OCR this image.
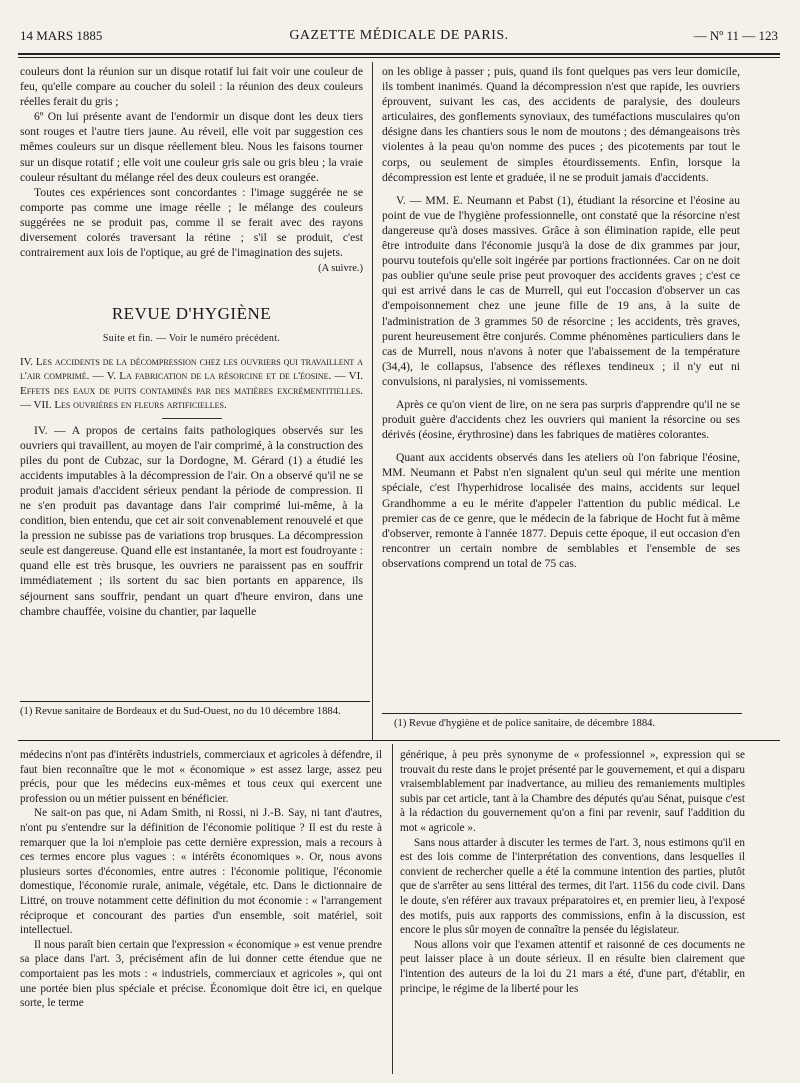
14 MARS 1885	GAZETTE MÉDICALE DE PARIS.	— Nº 11 — 123

couleurs dont la réunion sur un disque rotatif lui fait voir une couleur de feu, qu'elle compare au coucher du soleil : la réunion des deux couleurs réelles ferait du gris ;

6º On lui présente avant de l'endormir un disque dont les deux tiers sont rouges et l'autre tiers jaune. Au réveil, elle voit par suggestion ces mêmes couleurs sur un disque réellement bleu. Nous les faisons tourner sur un disque rotatif ; elle voit une couleur gris sale ou gris bleu ; la vraie couleur résultant du mélange réel des deux couleurs est orangée.

Toutes ces expériences sont concordantes : l'image suggérée ne se comporte pas comme une image réelle ; le mélange des couleurs suggérées ne se produit pas, comme il se ferait avec des rayons diversement colorés traversant la rétine ; s'il se produit, c'est contrairement aux lois de l'optique, au gré de l'imagination des sujets.

(A suivre.)
REVUE D'HYGIÈNE
Suite et fin. — Voir le numéro précédent.

IV. Les accidents de la décompression chez les ouvriers qui travaillent a l'air comprimé. — V. La fabrication de la résorcine et de l'éosine. — VI. Effets des eaux de puits contaminés par des matières excrémentitielles. — VII. Les ouvrières en fleurs artificielles.

IV. — A propos de certains faits pathologiques observés sur les ouvriers qui travaillent, au moyen de l'air comprimé, à la construction des piles du pont de Cubzac, sur la Dordogne, M. Gérard (1) a étudié les accidents imputables à la décompression de l'air. On a observé qu'il ne se produit jamais d'accident sérieux pendant la période de compression. Il ne s'en produit pas davantage dans l'air comprimé lui-même, à la condition, bien entendu, que cet air soit convenablement renouvelé et que la pression ne subisse pas de variations trop brusques. La décompression seule est dangereuse. Quand elle est instantanée, la mort est foudroyante : quand elle est très brusque, les ouvriers ne paraissent pas en souffrir immédiatement ; ils sortent du sac bien portants en apparence, ils séjournent sans souffrir, pendant un quart d'heure environ, dans une chambre chauffée, voisine du chantier, par laquelle

(1) Revue sanitaire de Bordeaux et du Sud-Ouest, no du 10 décembre 1884.

on les oblige à passer ; puis, quand ils font quelques pas vers leur domicile, ils tombent inanimés. Quand la décompression n'est que rapide, les ouvriers éprouvent, suivant les cas, des accidents de paralysie, des douleurs articulaires, des gonflements synoviaux, des tuméfactions musculaires qu'on désigne dans les chantiers sous le nom de moutons ; des démangeaisons très violentes à la peau qu'on nomme des puces ; des picotements par tout le corps, ou seulement de simples étourdissements. Enfin, lorsque la décompression est lente et graduée, il ne se produit jamais d'accidents.

V. — MM. E. Neumann et Pabst (1), étudiant la résorcine et l'éosine au point de vue de l'hygiène professionnelle, ont constaté que la résorcine n'est dangereuse qu'à doses massives. Grâce à son élimination rapide, elle peut être introduite dans l'économie jusqu'à la dose de dix grammes par jour, pourvu toutefois qu'elle soit ingérée par portions fractionnées. Car on ne doit pas oublier qu'une seule prise peut provoquer des accidents graves ; c'est ce qui est arrivé dans le cas de Murrell, qui eut l'occasion d'observer un cas d'empoisonnement chez une jeune fille de 19 ans, à la suite de l'administration de 3 grammes 50 de résorcine ; les accidents, très graves, purent heureusement être conjurés. Comme phénomènes particuliers dans le cas de Murrell, nous n'avons à noter que l'abaissement de la température (34,4), le collapsus, l'absence des réflexes tendineux ; il n'y eut ni convulsions, ni paralysies, ni vomissements.

Après ce qu'on vient de lire, on ne sera pas surpris d'apprendre qu'il ne se produit guère d'accidents chez les ouvriers qui manient la résorcine ou ses dérivés (éosine, érythrosine) dans les fabriques de matières colorantes.

Quant aux accidents observés dans les ateliers où l'on fabrique l'éosine, MM. Neumann et Pabst n'en signalent qu'un seul qui mérite une mention spéciale, c'est l'hyperhidrose localisée des mains, accidents sur lequel Grandhomme a eu le mérite d'appeler l'attention du public médical. Le premier cas de ce genre, que le médecin de la fabrique de Hocht fut à même d'observer, remonte à l'année 1877. Depuis cette époque, il eut occasion d'en rencontrer un certain nombre de semblables et l'ensemble de ses observations comprend un total de 75 cas.

(1) Revue d'hygiène et de police sanitaire, de décembre 1884.

médecins n'ont pas d'intérêts industriels, commerciaux et agricoles à défendre, il faut bien reconnaître que le mot « économique » est assez large, assez peu précis, pour que les médecins eux-mêmes et tous ceux qui exercent une profession ou un métier puissent en bénéficier.

Ne sait-on pas que, ni Adam Smith, ni Rossi, ni J.-B. Say, ni tant d'autres, n'ont pu s'entendre sur la définition de l'économie politique ? Il est du reste à remarquer que la loi n'emploie pas cette dernière expression, mais a recours à ces termes encore plus vagues : « intérêts économiques ». Or, nous avons plusieurs sortes d'économies, entre autres : l'économie politique, l'économie domestique, l'économie rurale, animale, végétale, etc. Dans le dictionnaire de Littré, on trouve notamment cette définition du mot économie : « l'arrangement réciproque et concourant des parties d'un ensemble, soit matériel, soit intellectuel.

Il nous paraît bien certain que l'expression « économique » est venue prendre sa place dans l'art. 3, précisément afin de lui donner cette étendue que ne comportaient pas les mots : « industriels, commerciaux et agricoles », qui ont une portée bien plus spéciale et précise. Économique doit être ici, en quelque sorte, le terme

générique, à peu près synonyme de « professionnel », expression qui se trouvait du reste dans le projet présenté par le gouvernement, et qui a disparu vraisemblablement par inadvertance, au milieu des remaniements multiples subis par cet article, tant à la Chambre des députés qu'au Sénat, puisque c'est à la rédaction du gouvernement qu'on a fini par revenir, sauf l'addition du mot « agricole ».

Sans nous attarder à discuter les termes de l'art. 3, nous estimons qu'il en est des lois comme de l'interprétation des conventions, dans lesquelles il convient de rechercher quelle a été la commune intention des parties, plutôt que de s'arrêter au sens littéral des termes, dit l'art. 1156 du code civil. Dans le doute, s'en référer aux travaux préparatoires et, en premier lieu, à l'exposé des motifs, puis aux rapports des commissions, enfin à la discussion, est encore le plus sûr moyen de connaître la pensée du législateur.

Nous allons voir que l'examen attentif et raisonné de ces documents ne peut laisser place à un doute sérieux. Il en résulte bien clairement que l'intention des auteurs de la loi du 21 mars a été, d'une part, d'établir, en principe, le régime de la liberté pour les
